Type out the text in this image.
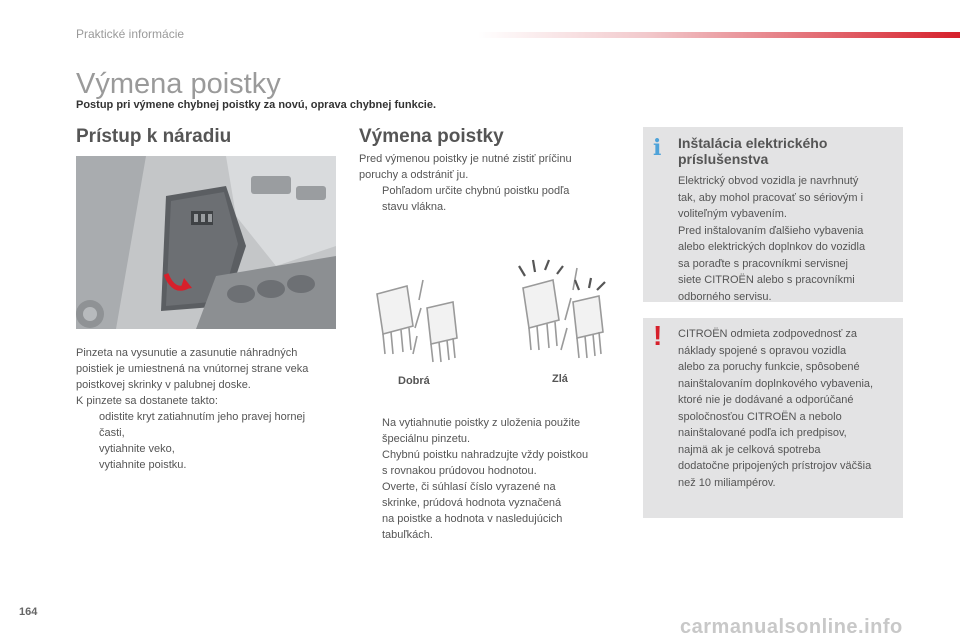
Praktické informácie
Výmena poistky
Postup pri výmene chybnej poistky za novú, oprava chybnej funkcie.
Prístup k náradiu
Pinzeta na vysunutie a zasunutie náhradných
poistiek je umiestnená na vnútornej strane veka
poistkovej skrinky v palubnej doske.
K pinzete sa dostanete takto:
odistite kryt zatiahnutím jeho pravej hornej
časti,
vytiahnite veko,
vytiahnite poistku.
Výmena poistky
Pred výmenou poistky je nutné zistiť príčinu
poruchy a odstrániť ju.
Pohľadom určite chybnú poistku podľa
stavu vlákna.
Dobrá	Zlá
Na vytiahnutie poistky z uloženia použite
špeciálnu pinzetu.
Chybnú poistku nahradzujte vždy poistkou
s rovnakou prúdovou hodnotou.
Overte, či súhlasí číslo vyrazené na
skrinke, prúdová hodnota vyznačená
na poistke a hodnota v nasledujúcich
tabuľkách.
i Inštalácia elektrického
príslušenstva
Elektrický obvod vozidla je navrhnutý
tak, aby mohol pracovať so sériovým i
voliteľným vybavením.
Pred inštalovaním ďalšieho vybavenia
alebo elektrických doplnkov do vozidla
sa poraďte s pracovníkmi servisnej
siete CITROËN alebo s pracovníkmi
odborného servisu.
! CITROËN odmieta zodpovednosť za
náklady spojené s opravou vozidla
alebo za poruchy funkcie, spôsobené
nainštalovaním doplnkového vybavenia,
ktoré nie je dodávané a odporúčané
spoločnosťou CITROËN a nebolo
nainštalované podľa ich predpisov,
najmä ak je celková spotreba
dodatočne pripojených prístrojov väčšia
než 10 miliampérov.
164
carmanualsonline.info
